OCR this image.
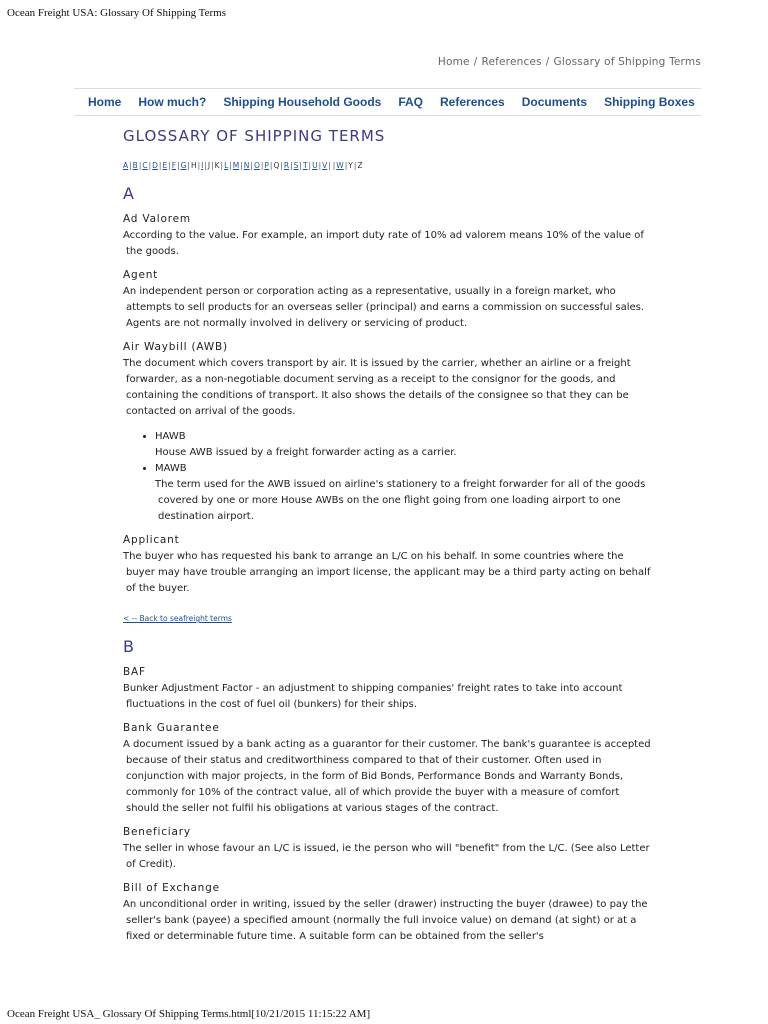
Ocean Freight USA: Glossary Of Shipping Terms
Home / References / Glossary of Shipping Terms
Home How much? Shipping Household Goods FAQ References Documents Shipping Boxes
GLOSSARY OF SHIPPING TERMS
A|B|C|D|E|F|G|H|I|J|K|L|M|N|O|P|Q|R|S|T|U|V| |W|Y|Z
A
Ad Valorem
According to the value. For example, an import duty rate of 10% ad valorem means 10% of the value of the goods.
Agent
An independent person or corporation acting as a representative, usually in a foreign market, who attempts to sell products for an overseas seller (principal) and earns a commission on successful sales. Agents are not normally involved in delivery or servicing of product.
Air Waybill (AWB)
The document which covers transport by air. It is issued by the carrier, whether an airline or a freight forwarder, as a non-negotiable document serving as a receipt to the consignor for the goods, and containing the conditions of transport. It also shows the details of the consignee so that they can be contacted on arrival of the goods.
• HAWB
House AWB issued by a freight forwarder acting as a carrier.
• MAWB
The term used for the AWB issued on airline's stationery to a freight forwarder for all of the goods covered by one or more House AWBs on the one flight going from one loading airport to one destination airport.
Applicant
The buyer who has requested his bank to arrange an L/C on his behalf. In some countries where the buyer may have trouble arranging an import license, the applicant may be a third party acting on behalf of the buyer.
< -- Back to seafreight terms
B
BAF
Bunker Adjustment Factor - an adjustment to shipping companies' freight rates to take into account fluctuations in the cost of fuel oil (bunkers) for their ships.
Bank Guarantee
A document issued by a bank acting as a guarantor for their customer. The bank's guarantee is accepted because of their status and creditworthiness compared to that of their customer. Often used in conjunction with major projects, in the form of Bid Bonds, Performance Bonds and Warranty Bonds, commonly for 10% of the contract value, all of which provide the buyer with a measure of comfort should the seller not fulfil his obligations at various stages of the contract.
Beneficiary
The seller in whose favour an L/C is issued, ie the person who will "benefit" from the L/C. (See also Letter of Credit).
Bill of Exchange
An unconditional order in writing, issued by the seller (drawer) instructing the buyer (drawee) to pay the seller's bank (payee) a specified amount (normally the full invoice value) on demand (at sight) or at a fixed or determinable future time. A suitable form can be obtained from the seller's
Ocean Freight USA_ Glossary Of Shipping Terms.html[10/21/2015 11:15:22 AM]
